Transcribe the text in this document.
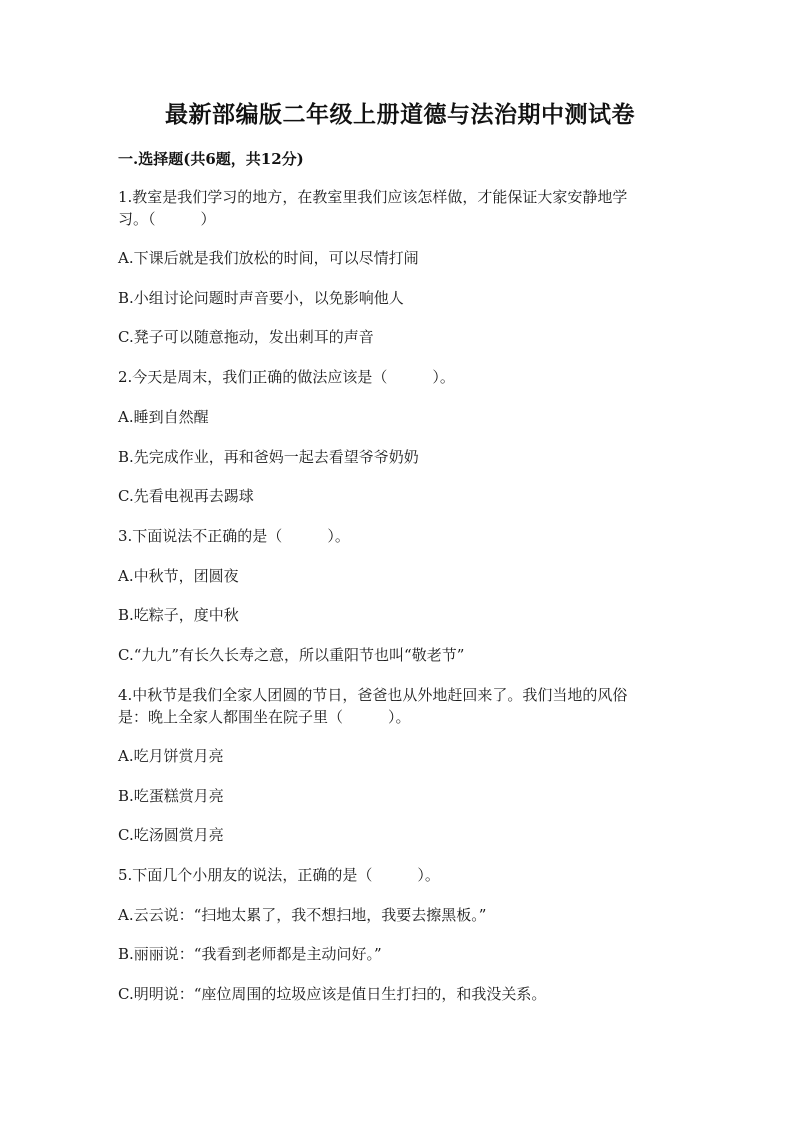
最新部编版二年级上册道德与法治期中测试卷
一.选择题(共6题，共12分)
1.教室是我们学习的地方，在教室里我们应该怎样做，才能保证大家安静地学
习。（　　　）
A.下课后就是我们放松的时间，可以尽情打闹
B.小组讨论问题时声音要小，以免影响他人
C.凳子可以随意拖动，发出刺耳的声音
2.今天是周末，我们正确的做法应该是（　　　）。
A.睡到自然醒
B.先完成作业，再和爸妈一起去看望爷爷奶奶
C.先看电视再去踢球
3.下面说法不正确的是（　　　）。
A.中秋节，团圆夜
B.吃粽子，度中秋
C.“九九”有长久长寿之意，所以重阳节也叫“敬老节”
4.中秋节是我们全家人团圆的节日，爸爸也从外地赶回来了。我们当地的风俗
是：晚上全家人都围坐在院子里（　　　）。
A.吃月饼赏月亮
B.吃蛋糕赏月亮
C.吃汤圆赏月亮
5.下面几个小朋友的说法，正确的是（　　　）。
A.云云说：“扫地太累了，我不想扫地，我要去擦黑板。”
B.丽丽说：“我看到老师都是主动问好。”
C.明明说：“座位周围的垃圾应该是值日生打扫的，和我没关系。
